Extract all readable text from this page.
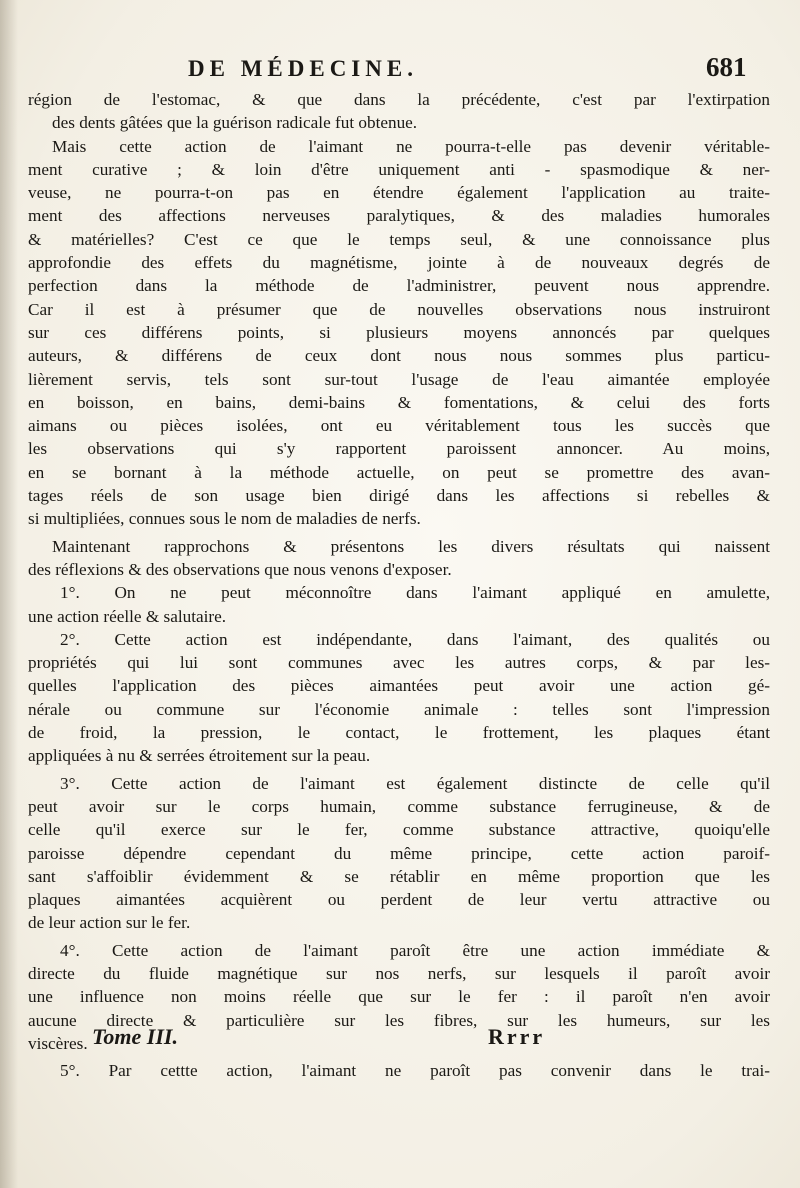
DE MÉDECINE.	681
région de l'estomac, & que dans la précédente, c'est par l'extirpation
des dents gâtées que la guérison radicale fut obtenue.
Mais cette action de l'aimant ne pourra-t-elle pas devenir véritable-
ment curative ; & loin d'être uniquement anti - spasmodique & ner-
veuse, ne pourra-t-on pas en étendre également l'application au traite-
ment des affections nerveuses paralytiques, & des maladies humorales
& matérielles? C'est ce que le temps seul, & une connoissance plus
approfondie des effets du magnétisme, jointe à de nouveaux degrés de
perfection dans la méthode de l'administrer, peuvent nous apprendre.
Car il est à présumer que de nouvelles observations nous instruiront
sur ces différens points, si plusieurs moyens annoncés par quelques
auteurs, & différens de ceux dont nous nous sommes plus particu-
lièrement servis, tels sont sur-tout l'usage de l'eau aimantée employée
en boisson, en bains, demi-bains & fomentations, & celui des forts
aimans ou pièces isolées, ont eu véritablement tous les succès que
les observations qui s'y rapportent paroissent annoncer. Au moins,
en se bornant à la méthode actuelle, on peut se promettre des avan-
tages réels de son usage bien dirigé dans les affections si rebelles &
si multipliées, connues sous le nom de maladies de nerfs.
Maintenant rapprochons & présentons les divers résultats qui naissent
des réflexions & des observations que nous venons d'exposer.
1°. On ne peut méconnoître dans l'aimant appliqué en amulette,
une action réelle & salutaire.
2°. Cette action est indépendante, dans l'aimant, des qualités ou
propriétés qui lui sont communes avec les autres corps, & par les-
quelles l'application des pièces aimantées peut avoir une action gé-
nérale ou commune sur l'économie animale : telles sont l'impression
de froid, la pression, le contact, le frottement, les plaques étant
appliquées à nu & serrées étroitement sur la peau.
3°. Cette action de l'aimant est également distincte de celle qu'il
peut avoir sur le corps humain, comme substance ferrugineuse, & de
celle qu'il exerce sur le fer, comme substance attractive, quoiqu'elle
paroisse dépendre cependant du même principe, cette action paroif-
sant s'affoiblir évidemment & se rétablir en même proportion que les
plaques aimantées acquièrent ou perdent de leur vertu attractive ou
de leur action sur le fer.
4°. Cette action de l'aimant paroît être une action immédiate &
directe du fluide magnétique sur nos nerfs, sur lesquels il paroît avoir
une influence non moins réelle que sur le fer : il paroît n'en avoir
aucune directe & particulière sur les fibres, sur les humeurs, sur les
viscères.
5°. Par cettte action, l'aimant ne paroît pas convenir dans le trai-
Tome III.	Rrrr
